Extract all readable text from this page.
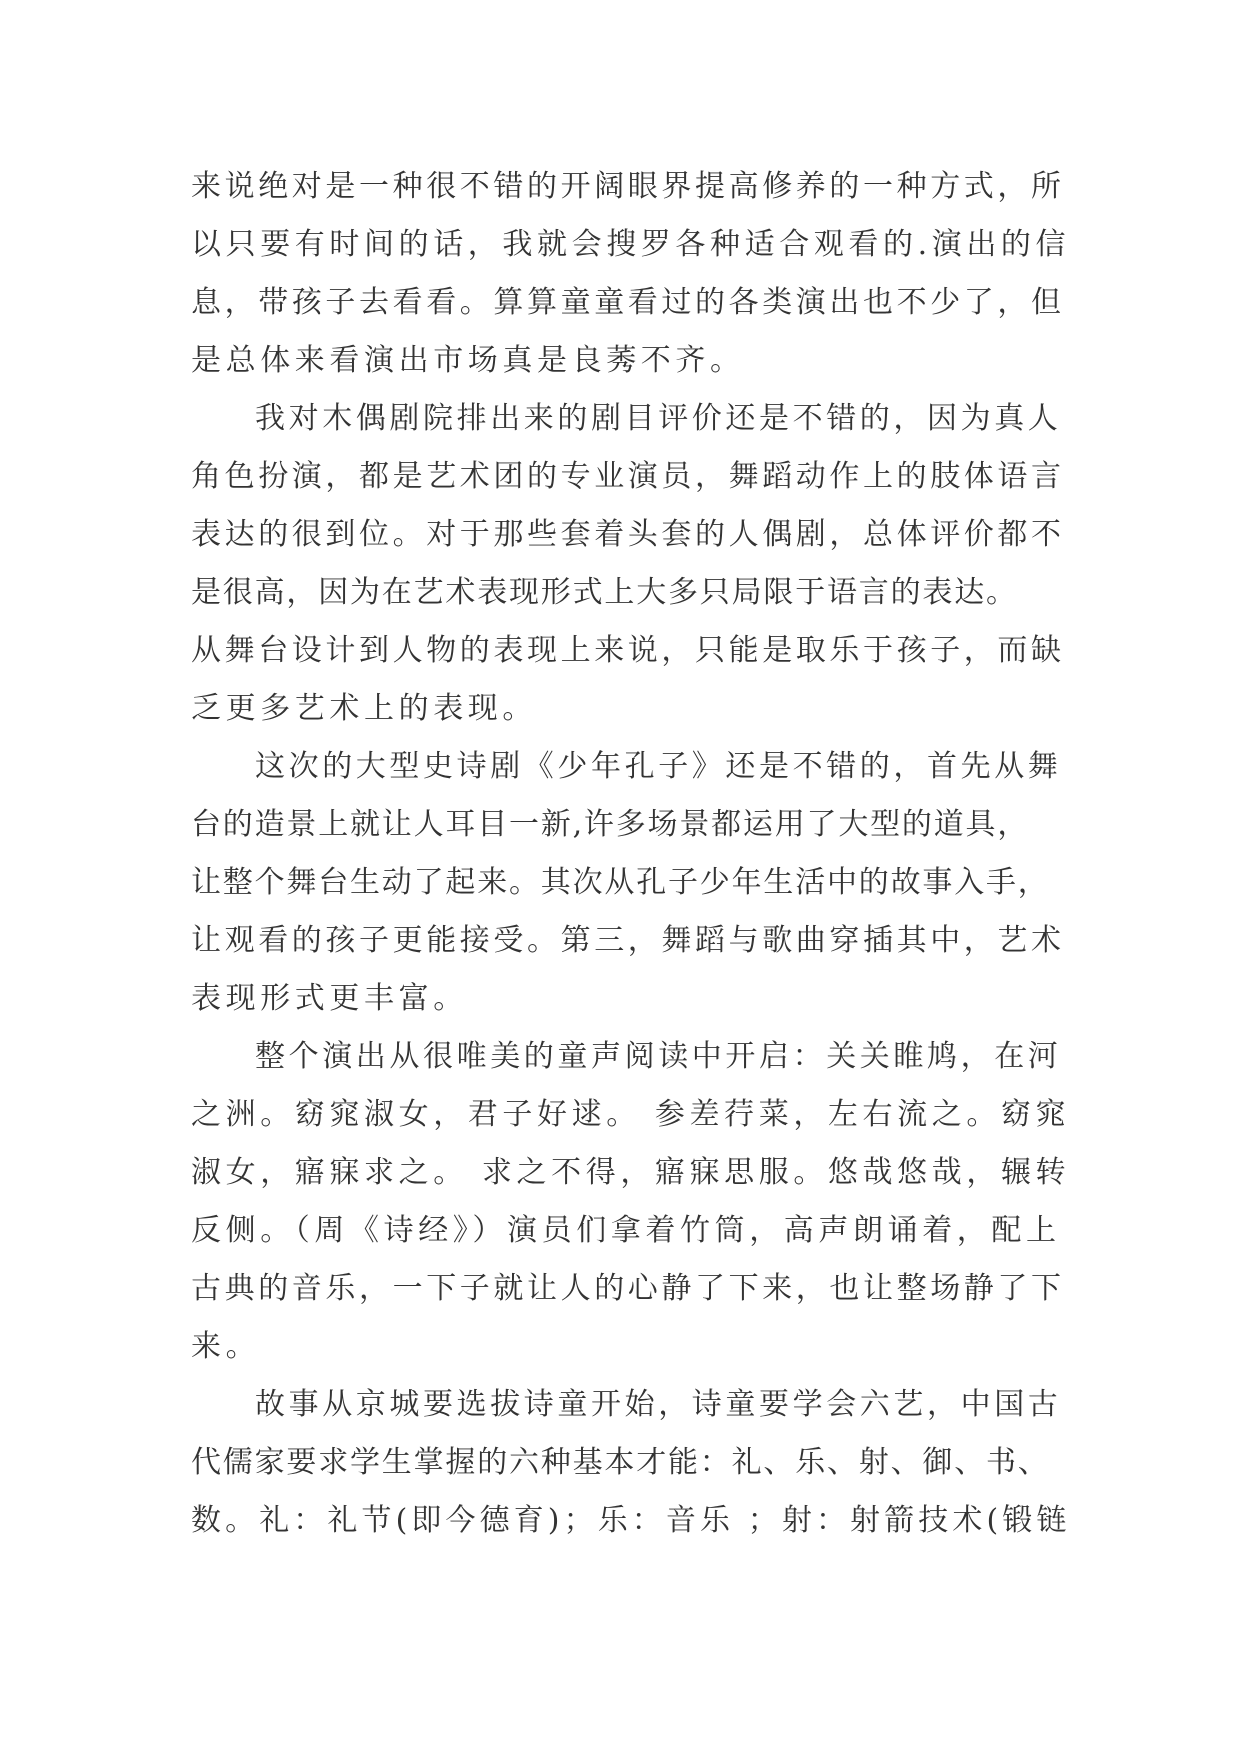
来说绝对是一种很不错的开阔眼界提高修养的一种方式，所
以只要有时间的话，我就会搜罗各种适合观看的.演出的信
息，带孩子去看看。算算童童看过的各类演出也不少了，但
是总体来看演出市场真是良莠不齐。
我对木偶剧院排出来的剧目评价还是不错的，因为真人
角色扮演，都是艺术团的专业演员，舞蹈动作上的肢体语言
表达的很到位。对于那些套着头套的人偶剧，总体评价都不
是很高，因为在艺术表现形式上大多只局限于语言的表达。
从舞台设计到人物的表现上来说，只能是取乐于孩子，而缺
乏更多艺术上的表现。
这次的大型史诗剧《少年孔子》还是不错的，首先从舞
台的造景上就让人耳目一新,许多场景都运用了大型的道具，
让整个舞台生动了起来。其次从孔子少年生活中的故事入手，
让观看的孩子更能接受。第三，舞蹈与歌曲穿插其中，艺术
表现形式更丰富。
整个演出从很唯美的童声阅读中开启：关关睢鸠，在河
之洲。窈窕淑女，君子好逑。 参差荇菜，左右流之。窈窕
淑女，寤寐求之。 求之不得，寤寐思服。悠哉悠哉，辗转
反侧。（周《诗经》）演员们拿着竹筒，高声朗诵着，配上
古典的音乐，一下子就让人的心静了下来，也让整场静了下
来。
故事从京城要选拔诗童开始，诗童要学会六艺，中国古
代儒家要求学生掌握的六种基本才能：礼、乐、射、御、书、
数。礼：礼节(即今德育)；乐：音乐 ；射：射箭技术(锻链
